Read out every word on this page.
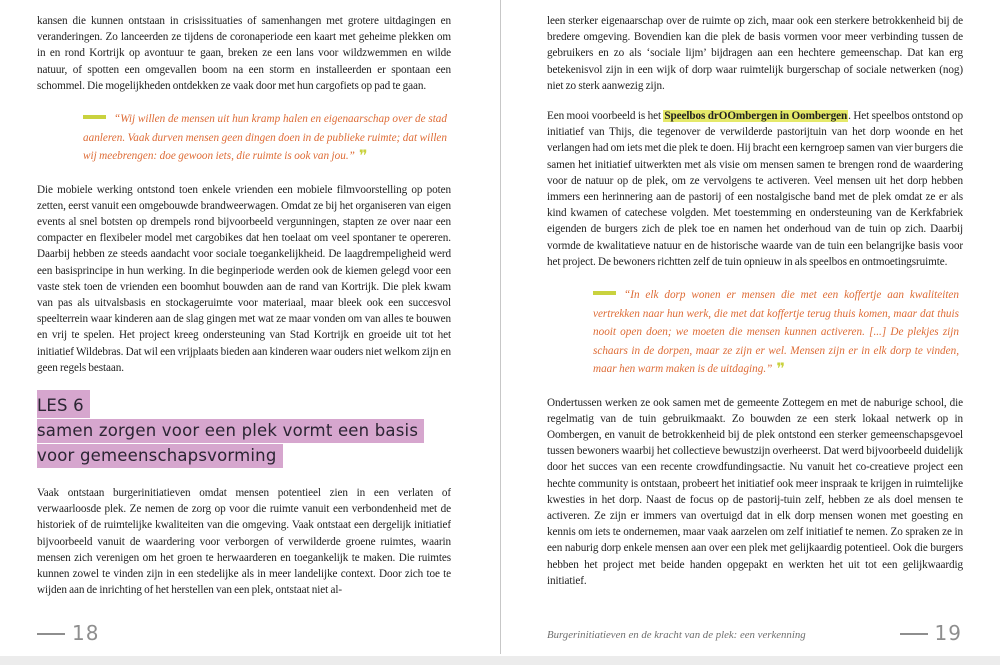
kansen die kunnen ontstaan in crisissituaties of samenhangen met grotere uitdagingen en veranderingen. Zo lanceerden ze tijdens de coronaperiode een kaart met geheime plekken om in en rond Kortrijk op avontuur te gaan, breken ze een lans voor wildzwemmen en wilde natuur, of spotten een omgevallen boom na een storm en installeerden er spontaan een schommel. Die mogelijkheden ontdekken ze vaak door met hun cargofiets op pad te gaan.

“Wij willen de mensen uit hun kramp halen en eigenaarschap over de stad aanleren. Vaak durven mensen geen dingen doen in de publieke ruimte; dat willen wij meebrengen: doe gewoon iets, die ruimte is ook van jou.” ❞

Die mobiele werking ontstond toen enkele vrienden een mobiele filmvoorstelling op poten zetten, eerst vanuit een omgebouwde brandweerwagen. Omdat ze bij het organiseren van eigen events al snel botsten op drempels rond bijvoorbeeld vergunningen, stapten ze over naar een compacter en flexibeler model met cargobikes dat hen toelaat om veel spontaner te opereren. Daarbij hebben ze steeds aandacht voor sociale toegankelijkheid. De laagdrempeligheid werd een basisprincipe in hun werking. In die beginperiode werden ook de kiemen gelegd voor een vaste stek toen de vrienden een boomhut bouwden aan de rand van Kortrijk. Die plek kwam van pas als uitvalsbasis en stockageruimte voor materiaal, maar bleek ook een succesvol speelterrein waar kinderen aan de slag gingen met wat ze maar vonden om van alles te bouwen en vrij te spelen. Het project kreeg ondersteuning van Stad Kortrijk en groeide uit tot het initiatief Wildebras. Dat wil een vrijplaats bieden aan kinderen waar ouders niet welkom zijn en geen regels bestaan.

LES 6
samen zorgen voor een plek vormt een basis
voor gemeenschapsvorming

Vaak ontstaan burgerinitiatieven omdat mensen potentieel zien in een verlaten of verwaarloosde plek. Ze nemen de zorg op voor die ruimte vanuit een verbondenheid met de historiek of de ruimtelijke kwaliteiten van die omgeving. Vaak ontstaat een dergelijk initiatief bijvoorbeeld vanuit de waardering voor verborgen of verwilderde groene ruimtes, waarin mensen zich verenigen om het groen te herwaarderen en toegankelijk te maken. Die ruimtes kunnen zowel te vinden zijn in een stedelijke als in meer landelijke context. Door zich toe te wijden aan de inrichting of het herstellen van een plek, ontstaat niet al-

18

leen sterker eigenaarschap over de ruimte op zich, maar ook een sterkere betrokkenheid bij de bredere omgeving. Bovendien kan die plek de basis vormen voor meer verbinding tussen de gebruikers en zo als ‘sociale lijm’ bijdragen aan een hechtere gemeenschap. Dat kan erg betekenisvol zijn in een wijk of dorp waar ruimtelijk burgerschap of sociale netwerken (nog) niet zo sterk aanwezig zijn.

Een mooi voorbeeld is het Speelbos drOOmbergen in Oombergen. Het speelbos ontstond op initiatief van Thijs, die tegenover de verwilderde pastorijtuin van het dorp woonde en het verlangen had om iets met die plek te doen. Hij bracht een kerngroep samen van vier burgers die samen het initiatief uitwerkten met als visie om mensen samen te brengen rond de waardering voor de natuur op de plek, om ze vervolgens te activeren. Veel mensen uit het dorp hebben immers een herinnering aan de pastorij of een nostalgische band met de plek omdat ze er als kind kwamen of catechese volgden. Met toestemming en ondersteuning van de Kerkfabriek eigenden de burgers zich de plek toe en namen het onderhoud van de tuin op zich. Daarbij vormde de kwalitatieve natuur en de historische waarde van de tuin een belangrijke basis voor het project. De bewoners richtten zelf de tuin opnieuw in als speelbos en ontmoetingsruimte.

“In elk dorp wonen er mensen die met een koffertje aan kwaliteiten vertrekken naar hun werk, die met dat koffertje terug thuis komen, maar dat thuis nooit open doen; we moeten die mensen kunnen activeren. [...] De plekjes zijn schaars in de dorpen, maar ze zijn er wel. Mensen zijn er in elk dorp te vinden, maar hen warm maken is de uitdaging.” ❞

Ondertussen werken ze ook samen met de gemeente Zottegem en met de naburige school, die regelmatig van de tuin gebruikmaakt. Zo bouwden ze een sterk lokaal netwerk op in Oombergen, en vanuit de betrokkenheid bij de plek ontstond een sterker gemeenschapsgevoel tussen bewoners waarbij het collectieve bewustzijn overheerst. Dat werd bijvoorbeeld duidelijk door het succes van een recente crowdfundingsactie. Nu vanuit het co-creatieve project een hechte community is ontstaan, probeert het initiatief ook meer inspraak te krijgen in ruimtelijke kwesties in het dorp. Naast de focus op de pastorij-tuin zelf, hebben ze als doel mensen te activeren. Ze zijn er immers van overtuigd dat in elk dorp mensen wonen met goesting en kennis om iets te ondernemen, maar vaak aarzelen om zelf initiatief te nemen. Zo spraken ze in een naburig dorp enkele mensen aan over een plek met gelijkaardig potentieel. Ook die burgers hebben het project met beide handen opgepakt en werkten het uit tot een gelijkwaardig initiatief.

Burgerinitiatieven en de kracht van de plek: een verkenning	19
